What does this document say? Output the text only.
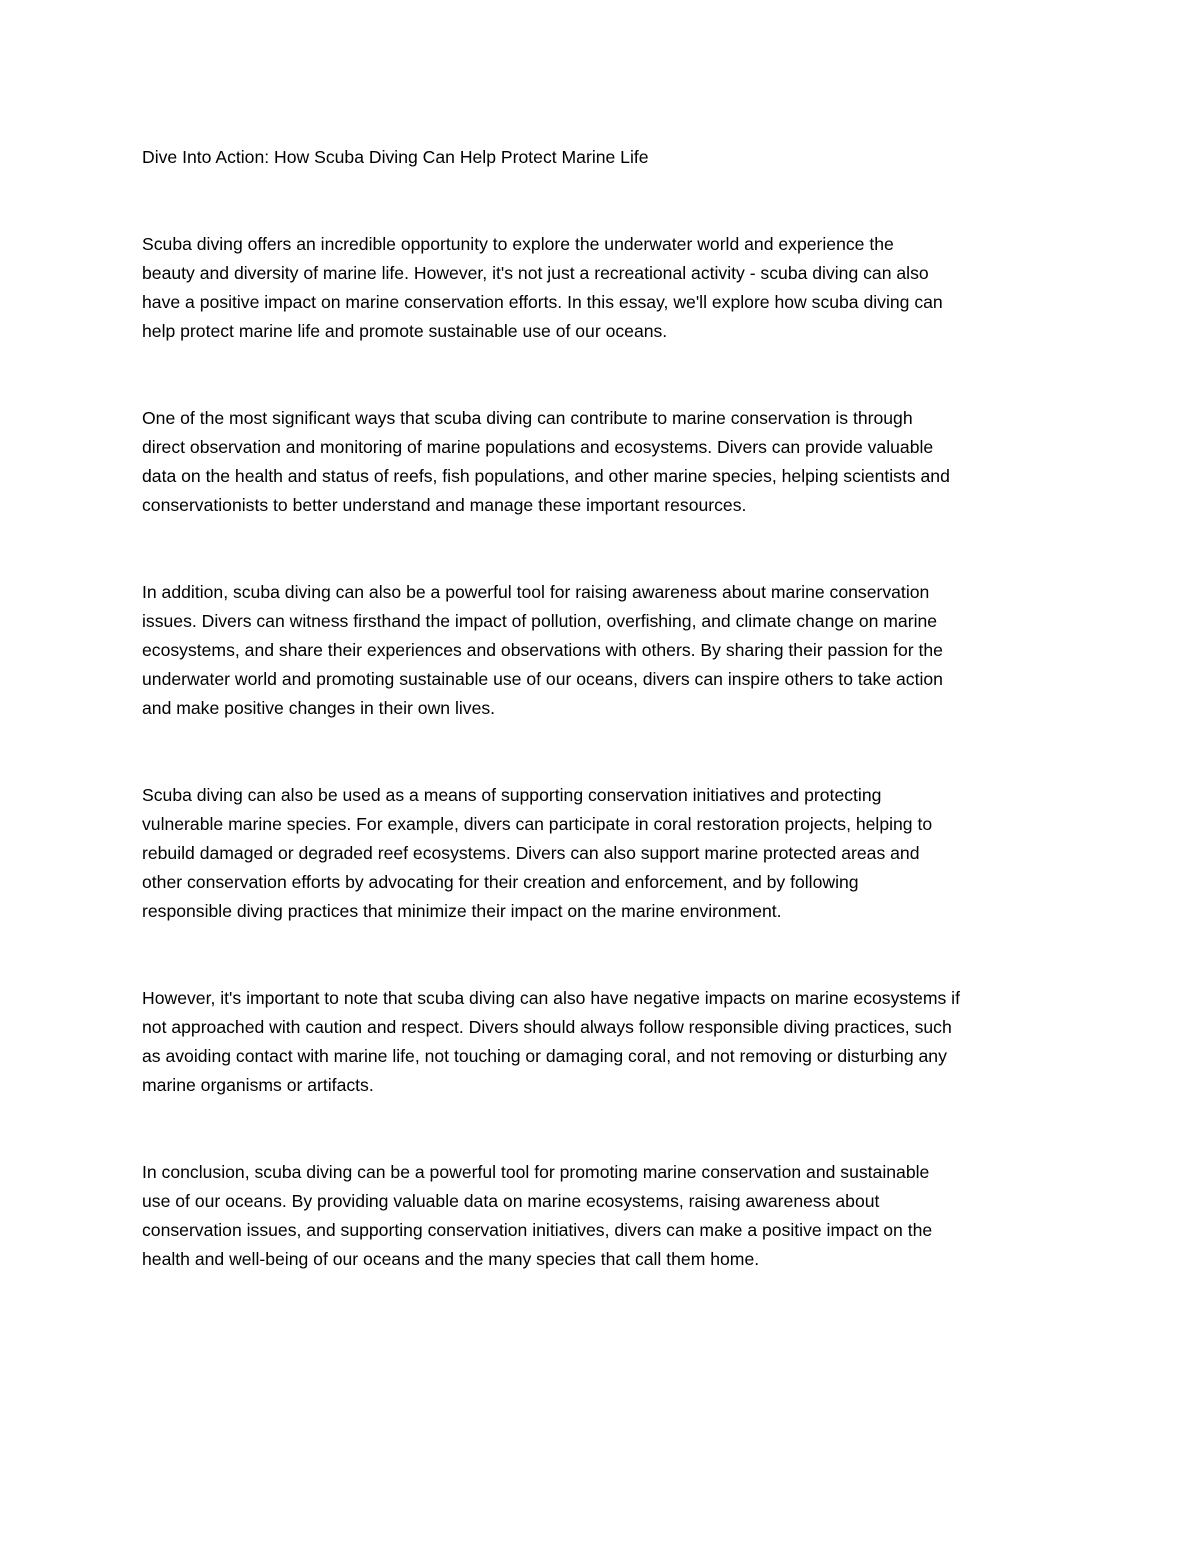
Dive Into Action: How Scuba Diving Can Help Protect Marine Life
Scuba diving offers an incredible opportunity to explore the underwater world and experience the
beauty and diversity of marine life. However, it's not just a recreational activity - scuba diving can also
have a positive impact on marine conservation efforts. In this essay, we'll explore how scuba diving can
help protect marine life and promote sustainable use of our oceans.
One of the most significant ways that scuba diving can contribute to marine conservation is through
direct observation and monitoring of marine populations and ecosystems. Divers can provide valuable
data on the health and status of reefs, fish populations, and other marine species, helping scientists and
conservationists to better understand and manage these important resources.
In addition, scuba diving can also be a powerful tool for raising awareness about marine conservation
issues. Divers can witness firsthand the impact of pollution, overfishing, and climate change on marine
ecosystems, and share their experiences and observations with others. By sharing their passion for the
underwater world and promoting sustainable use of our oceans, divers can inspire others to take action
and make positive changes in their own lives.
Scuba diving can also be used as a means of supporting conservation initiatives and protecting
vulnerable marine species. For example, divers can participate in coral restoration projects, helping to
rebuild damaged or degraded reef ecosystems. Divers can also support marine protected areas and
other conservation efforts by advocating for their creation and enforcement, and by following
responsible diving practices that minimize their impact on the marine environment.
However, it's important to note that scuba diving can also have negative impacts on marine ecosystems if
not approached with caution and respect. Divers should always follow responsible diving practices, such
as avoiding contact with marine life, not touching or damaging coral, and not removing or disturbing any
marine organisms or artifacts.
In conclusion, scuba diving can be a powerful tool for promoting marine conservation and sustainable
use of our oceans. By providing valuable data on marine ecosystems, raising awareness about
conservation issues, and supporting conservation initiatives, divers can make a positive impact on the
health and well-being of our oceans and the many species that call them home.
